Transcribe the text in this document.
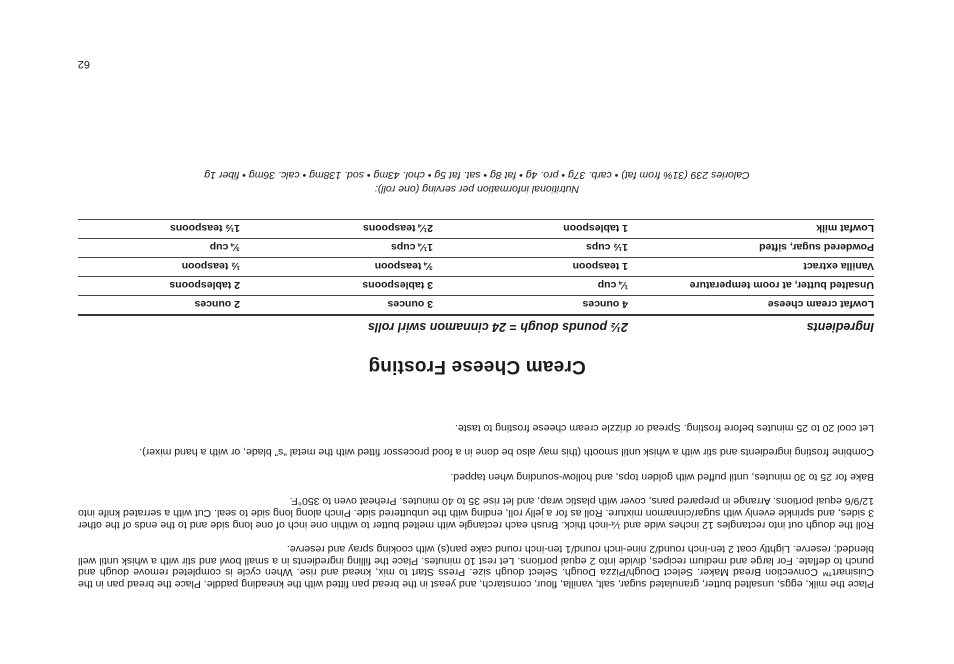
Place the milk, eggs, unsalted butter, granulated sugar, salt, vanilla, flour, cornstarch, and yeast in the bread pan fitted with the kneading paddle. Place the bread pan in the Cuisinart™ Convection Bread Maker. Select Dough/Pizza Dough. Select dough size. Press Start to mix, knead and rise. When cycle is completed remove dough and punch to deflate. For large and medium recipes, divide into 2 equal portions. Let rest 10 minutes. Place the filling ingredients in a small bowl and stir with a whisk until well blended; reserve. Lightly coat 2 ten-inch round/2 nine-inch round/1 ten-inch round cake pan(s) with cooking spray and reserve.

Roll the dough out into rectangles 12 inches wide and ¼-inch thick. Brush each rectangle with melted butter to within one inch of one long side and to the ends of the other 3 sides, and sprinkle evenly with sugar/cinnamon mixture. Roll as for a jelly roll, ending with the unbuttered side. Pinch along long side to seal. Cut with a serrated knife into 12/9/6 equal portions. Arrange in prepared pans, cover with plastic wrap, and let rise 35 to 40 minutes. Preheat oven to 350°F.

Bake for 25 to 30 minutes, until puffed with golden tops, and hollow-sounding when tapped.

Combine frosting ingredients and stir with a whisk until smooth (this may also be done in a food processor fitted with the metal “s” blade, or with a hand mixer).

Let cool 20 to 25 minutes before frosting. Spread or drizzle cream cheese frosting to taste.

Cream Cheese Frosting
Ingredients
2½ pounds dough = 24 cinnamon swirl rolls
Lowfat cream cheese
4 ounces
3 ounces
2 ounces
Unsalted butter, at room temperature
¼ cup
3 tablespoons
2 tablespoons
Vanilla extract
1 teaspoon
¾ teaspoon
½ teaspoon
Powdered sugar, sifted
1½ cups
1¼ cups
¾ cup
Lowfat milk
1 tablespoon
2¼ teaspoons
1½ teaspoons
Nutritional information per serving (one roll):
Calories 239 (31% from fat) • carb. 37g • pro. 4g • fat 8g • sat. fat 5g • chol. 43mg • sod. 138mg • calc. 36mg • fiber 1g
62
